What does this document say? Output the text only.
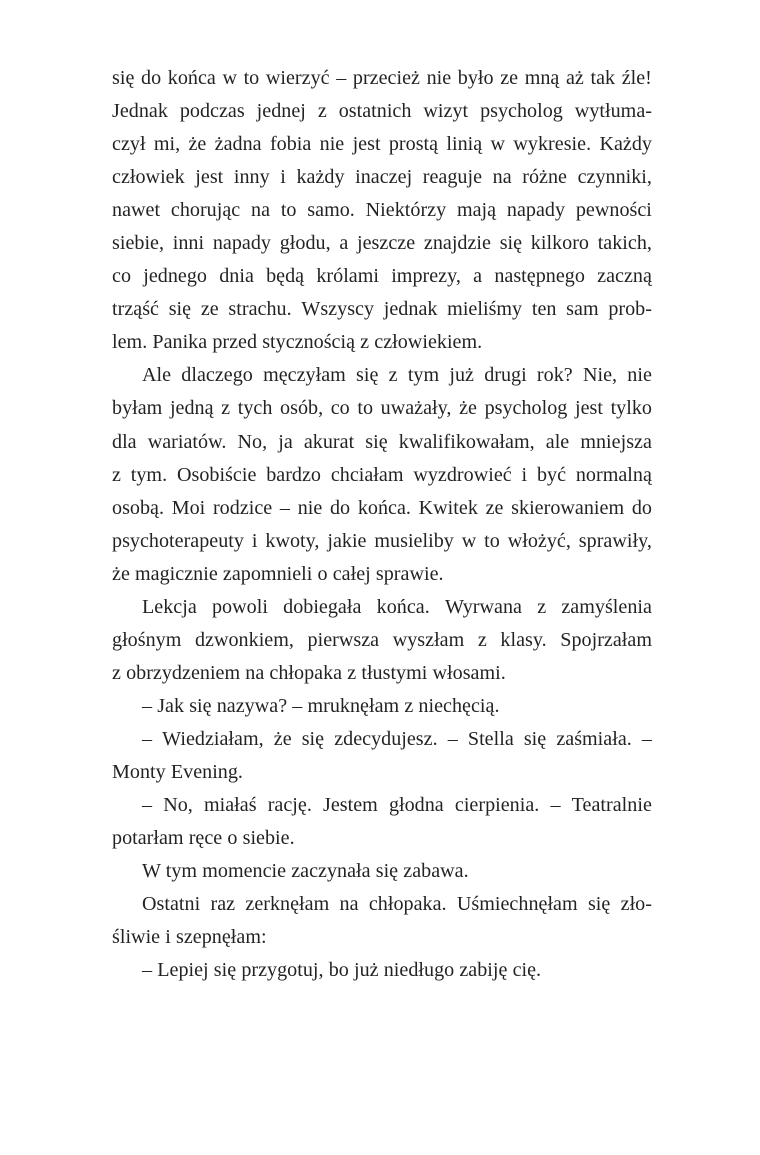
się do końca w to wierzyć – przecież nie było ze mną aż tak źle!
Jednak podczas jednej z ostatnich wizyt psycholog wytłuma-
czył mi, że żadna fobia nie jest prostą linią w wykresie. Każdy
człowiek jest inny i każdy inaczej reaguje na różne czynniki,
nawet chorując na to samo. Niektórzy mają napady pewności
siebie, inni napady głodu, a jeszcze znajdzie się kilkoro takich,
co jednego dnia będą królami imprezy, a następnego zaczną
trząść się ze strachu. Wszyscy jednak mieliśmy ten sam prob-
lem. Panika przed stycznością z człowiekiem.

Ale dlaczego męczyłam się z tym już drugi rok? Nie, nie
byłam jedną z tych osób, co to uważały, że psycholog jest tylko
dla wariatów. No, ja akurat się kwalifikowałam, ale mniejsza
z tym. Osobiście bardzo chciałam wyzdrowieć i być normalną
osobą. Moi rodzice – nie do końca. Kwitek ze skierowaniem do
psychoterapeuty i kwoty, jakie musieliby w to włożyć, sprawiły,
że magicznie zapomnieli o całej sprawie.

Lekcja powoli dobiegała końca. Wyrwana z zamyślenia
głośnym dzwonkiem, pierwsza wyszłam z klasy. Spojrzałam
z obrzydzeniem na chłopaka z tłustymi włosami.

– Jak się nazywa? – mruknęłam z niechęcią.

– Wiedziałam, że się zdecydujesz. – Stella się zaśmiała. –
Monty Evening.

– No, miałaś rację. Jestem głodna cierpienia. – Teatralnie
potarłam ręce o siebie.

W tym momencie zaczynała się zabawa.

Ostatni raz zerknęłam na chłopaka. Uśmiechnęłam się zło-
śliwie i szepnęłam:

– Lepiej się przygotuj, bo już niedługo zabiję cię.
